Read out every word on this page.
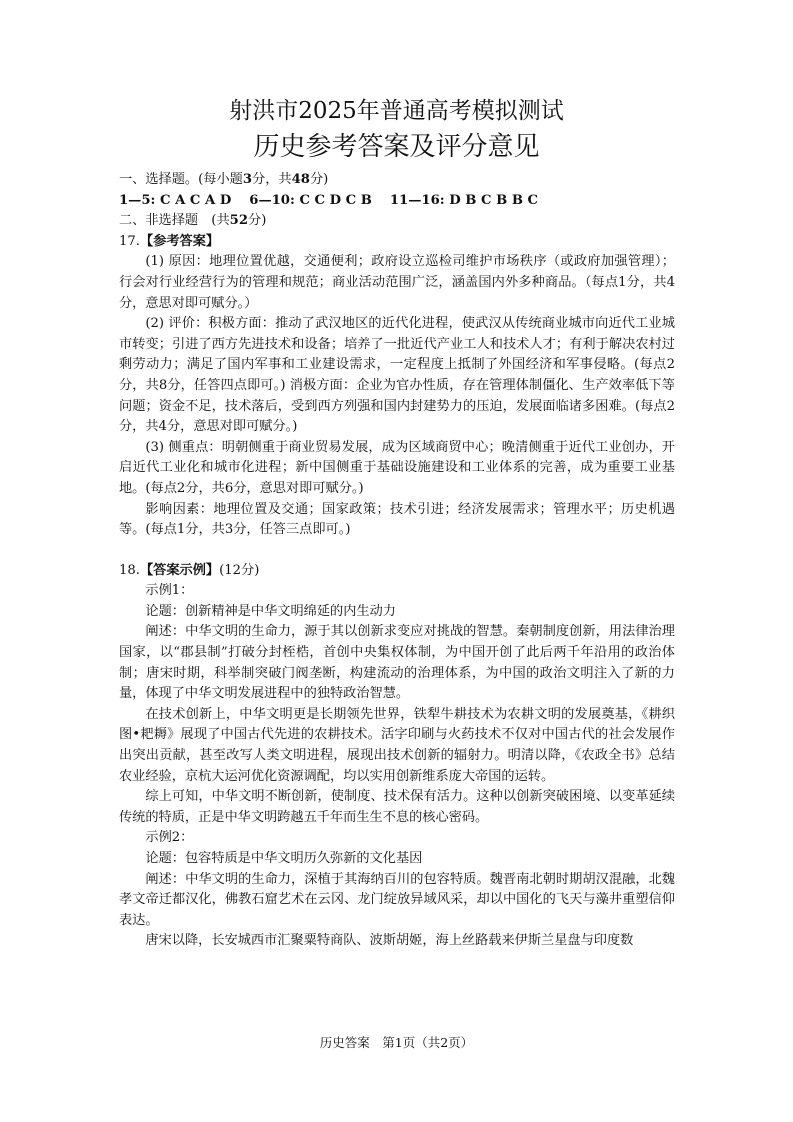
射洪市2025年普通高考模拟测试
历史参考答案及评分意见

一、选择题。(每小题3分，共48分)

1—5: C A C A D 6—10: C C D C B 11—16: D B C B B C

二、非选择题　(共52分)

17.【参考答案】

(1) 原因：地理位置优越，交通便利；政府设立巡检司维护市场秩序（或政府加强管理）；行会对行业经营行为的管理和规范；商业活动范围广泛，涵盖国内外多种商品。（每点1分，共4分，意思对即可赋分。）

(2) 评价：积极方面：推动了武汉地区的近代化进程，使武汉从传统商业城市向近代工业城市转变；引进了西方先进技术和设备；培养了一批近代产业工人和技术人才；有利于解决农村过剩劳动力；满足了国内军事和工业建设需求，一定程度上抵制了外国经济和军事侵略。(每点2分，共8分，任答四点即可。) 消极方面：企业为官办性质，存在管理体制僵化、生产效率低下等问题；资金不足，技术落后，受到西方列强和国内封建势力的压迫，发展面临诸多困难。(每点2分，共4分，意思对即可赋分。)

(3) 侧重点：明朝侧重于商业贸易发展，成为区域商贸中心；晚清侧重于近代工业创办，开启近代工业化和城市化进程；新中国侧重于基础设施建设和工业体系的完善，成为重要工业基地。(每点2分，共6分，意思对即可赋分。)

影响因素：地理位置及交通；国家政策；技术引进；经济发展需求；管理水平；历史机遇等。(每点1分，共3分，任答三点即可。)

18.【答案示例】(12分)

示例1：

论题：创新精神是中华文明绵延的内生动力

阐述：中华文明的生命力，源于其以创新求变应对挑战的智慧。秦朝制度创新，用法律治理国家，以“郡县制”打破分封桎梏，首创中央集权体制，为中国开创了此后两千年沿用的政治体制；唐宋时期，科举制突破门阀垄断，构建流动的治理体系，为中国的政治文明注入了新的力量，体现了中华文明发展进程中的独特政治智慧。

在技术创新上，中华文明更是长期领先世界，铁犁牛耕技术为农耕文明的发展奠基，《耕织图•耙耨》展现了中国古代先进的农耕技术。活字印刷与火药技术不仅对中国古代的社会发展作出突出贡献，甚至改写人类文明进程，展现出技术创新的辐射力。明清以降，《农政全书》总结农业经验，京杭大运河优化资源调配，均以实用创新维系庞大帝国的运转。

综上可知，中华文明不断创新，使制度、技术保有活力。这种以创新突破困境、以变革延续传统的特质，正是中华文明跨越五千年而生生不息的核心密码。

示例2：

论题：包容特质是中华文明历久弥新的文化基因

阐述：中华文明的生命力，深植于其海纳百川的包容特质。魏晋南北朝时期胡汉混融，北魏孝文帝迁都汉化，佛教石窟艺术在云冈、龙门绽放异域风采，却以中国化的飞天与藻井重塑信仰表达。

唐宋以降，长安城西市汇聚粟特商队、波斯胡姬，海上丝路载来伊斯兰星盘与印度数

历史答案　第1页（共2页）
